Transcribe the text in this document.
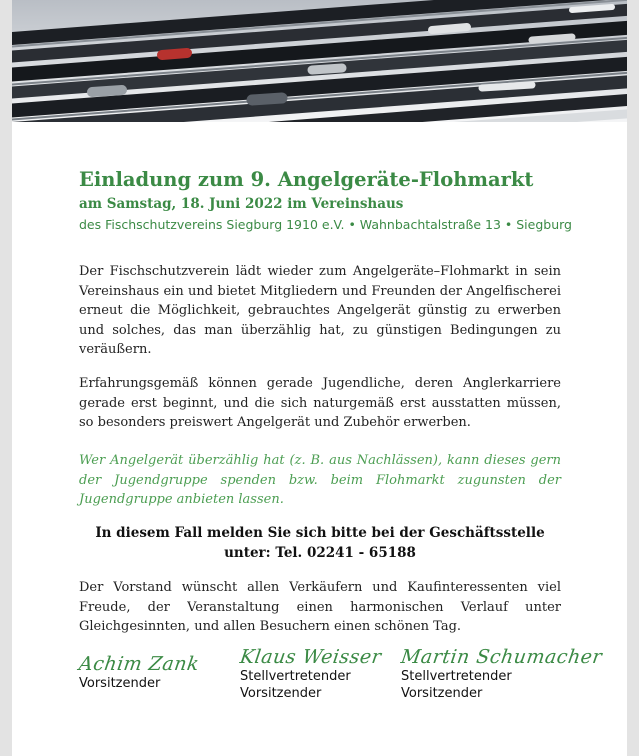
Einladung zum 9. Angelgeräte-Flohmarkt
am Samstag, 18. Juni 2022 im Vereinshaus
des Fischschutzvereins Siegburg 1910 e.V. • Wahnbachtalstraße 13 • Siegburg

Der Fischschutzverein lädt wieder zum Angelgeräte–Flohmarkt in sein Vereinshaus ein und bietet Mitgliedern und Freunden der Angelfischerei erneut die Möglichkeit, gebrauchtes Angelgerät günstig zu erwerben und solches, das man überzählig hat, zu günstigen Bedingungen zu veräußern.

Erfahrungsgemäß können gerade Jugendliche, deren Anglerkarriere gerade erst beginnt, und die sich naturgemäß erst ausstatten müssen, so besonders preiswert Angelgerät und Zubehör erwerben.

Wer Angelgerät überzählig hat (z. B. aus Nachlässen), kann dieses gern der Jugendgruppe spenden bzw. beim Flohmarkt zugunsten der Jugendgruppe anbieten lassen.

In diesem Fall melden Sie sich bitte bei der Geschäftsstelle
unter: Tel. 02241 - 65188

Der Vorstand wünscht allen Verkäufern und Kaufinteressenten viel Freude, der Veranstaltung einen harmonischen Verlauf unter Gleichgesinnten, und allen Besuchern einen schönen Tag.

Achim Zank
Vorsitzender
Klaus Weisser
Stellvertretender
Vorsitzender
Martin Schumacher
Stellvertretender
Vorsitzender
